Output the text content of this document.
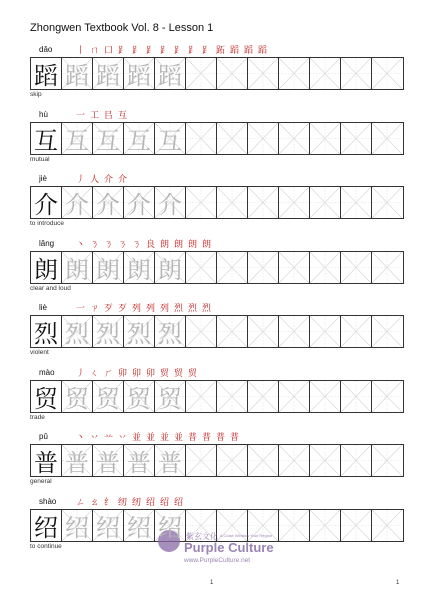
Zhongwen Textbook Vol. 8 - Lesson 1
dǎo	丨 ㄇ 口 ⻊ ⻊ ⻊ ⻊ ⻊ ⻊ ⻊ 跖 蹈 蹈 蹈
蹈 蹈 蹈 蹈 蹈
skip
hù	一 工 㠯 互
互 互 互 互 互
mutual
jiè	丿 人 介 介
介 介 介 介 介
to introduce
lǎng 丶 ㄋ ㄋ ㄋ ㄋ 良 朗 朗 朗 朗
朗 朗 朗 朗 朗
clear and loud
liè	一 ㄗ 歹 歹 列 列 列 烈 烈 烈
烈 烈 烈 烈 烈
violent
mào 丿 ㄑ ㄏ 卯 卯 卯 贸 贸 贸
贸 贸 贸 贸 贸
trade
pǔ	丶 丷 䒑 丷 並 並 並 並 普 普 普 普
普 普 普 普 普
general
shào ㄥ ㄠ 纟 纫 纫 绍 绍 绍
绍 绍 绍 绍 绍
to continue
紫玄文化 A Close Window Your Region
Purple Culture
www.PurpleCulture.net
1	1
